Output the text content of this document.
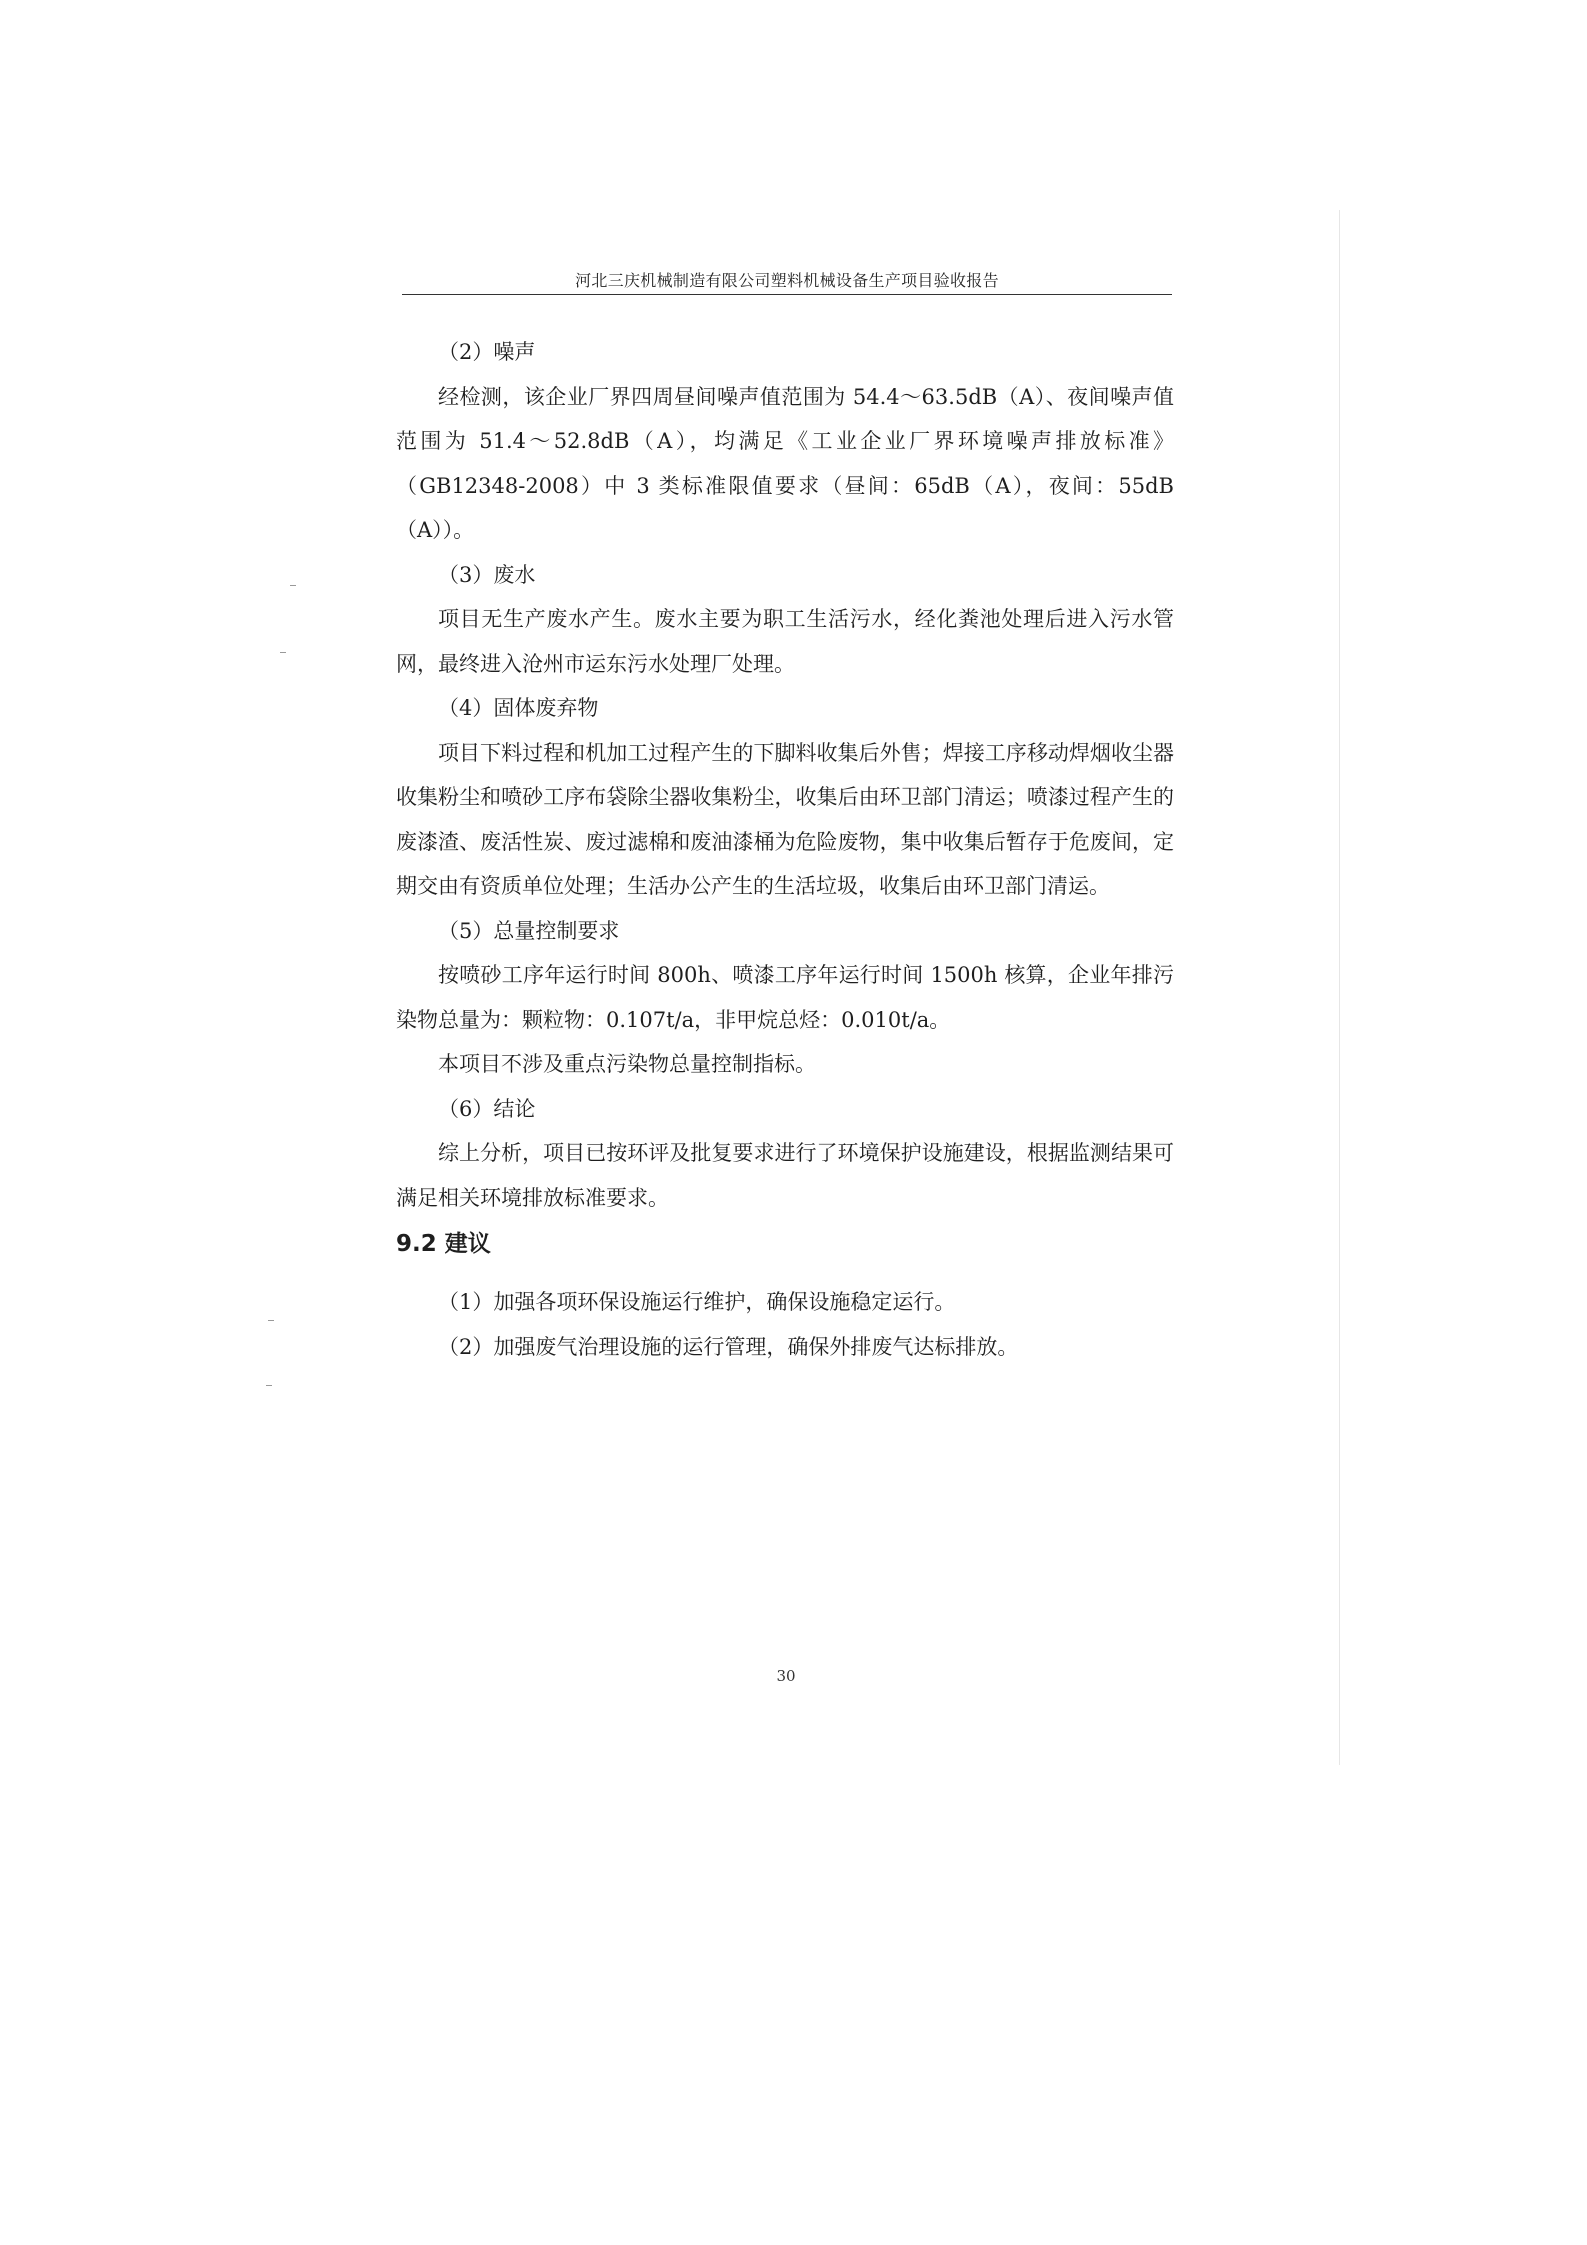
河北三庆机械制造有限公司塑料机械设备生产项目验收报告

（2）噪声

经检测，该企业厂界四周昼间噪声值范围为 54.4～63.5dB（A）、夜间噪声值范围为 51.4～52.8dB（A），均满足《工业企业厂界环境噪声排放标准》（GB12348-2008）中 3 类标准限值要求（昼间：65dB（A），夜间：55dB（A））。

（3）废水

项目无生产废水产生。废水主要为职工生活污水，经化粪池处理后进入污水管网，最终进入沧州市运东污水处理厂处理。

（4）固体废弃物

项目下料过程和机加工过程产生的下脚料收集后外售；焊接工序移动焊烟收尘器收集粉尘和喷砂工序布袋除尘器收集粉尘，收集后由环卫部门清运；喷漆过程产生的废漆渣、废活性炭、废过滤棉和废油漆桶为危险废物，集中收集后暂存于危废间，定期交由有资质单位处理；生活办公产生的生活垃圾，收集后由环卫部门清运。

（5）总量控制要求

按喷砂工序年运行时间 800h、喷漆工序年运行时间 1500h 核算，企业年排污染物总量为：颗粒物：0.107t/a，非甲烷总烃：0.010t/a。

本项目不涉及重点污染物总量控制指标。

（6）结论

综上分析，项目已按环评及批复要求进行了环境保护设施建设，根据监测结果可满足相关环境排放标准要求。

9.2 建议

（1）加强各项环保设施运行维护，确保设施稳定运行。

（2）加强废气治理设施的运行管理，确保外排废气达标排放。

30
